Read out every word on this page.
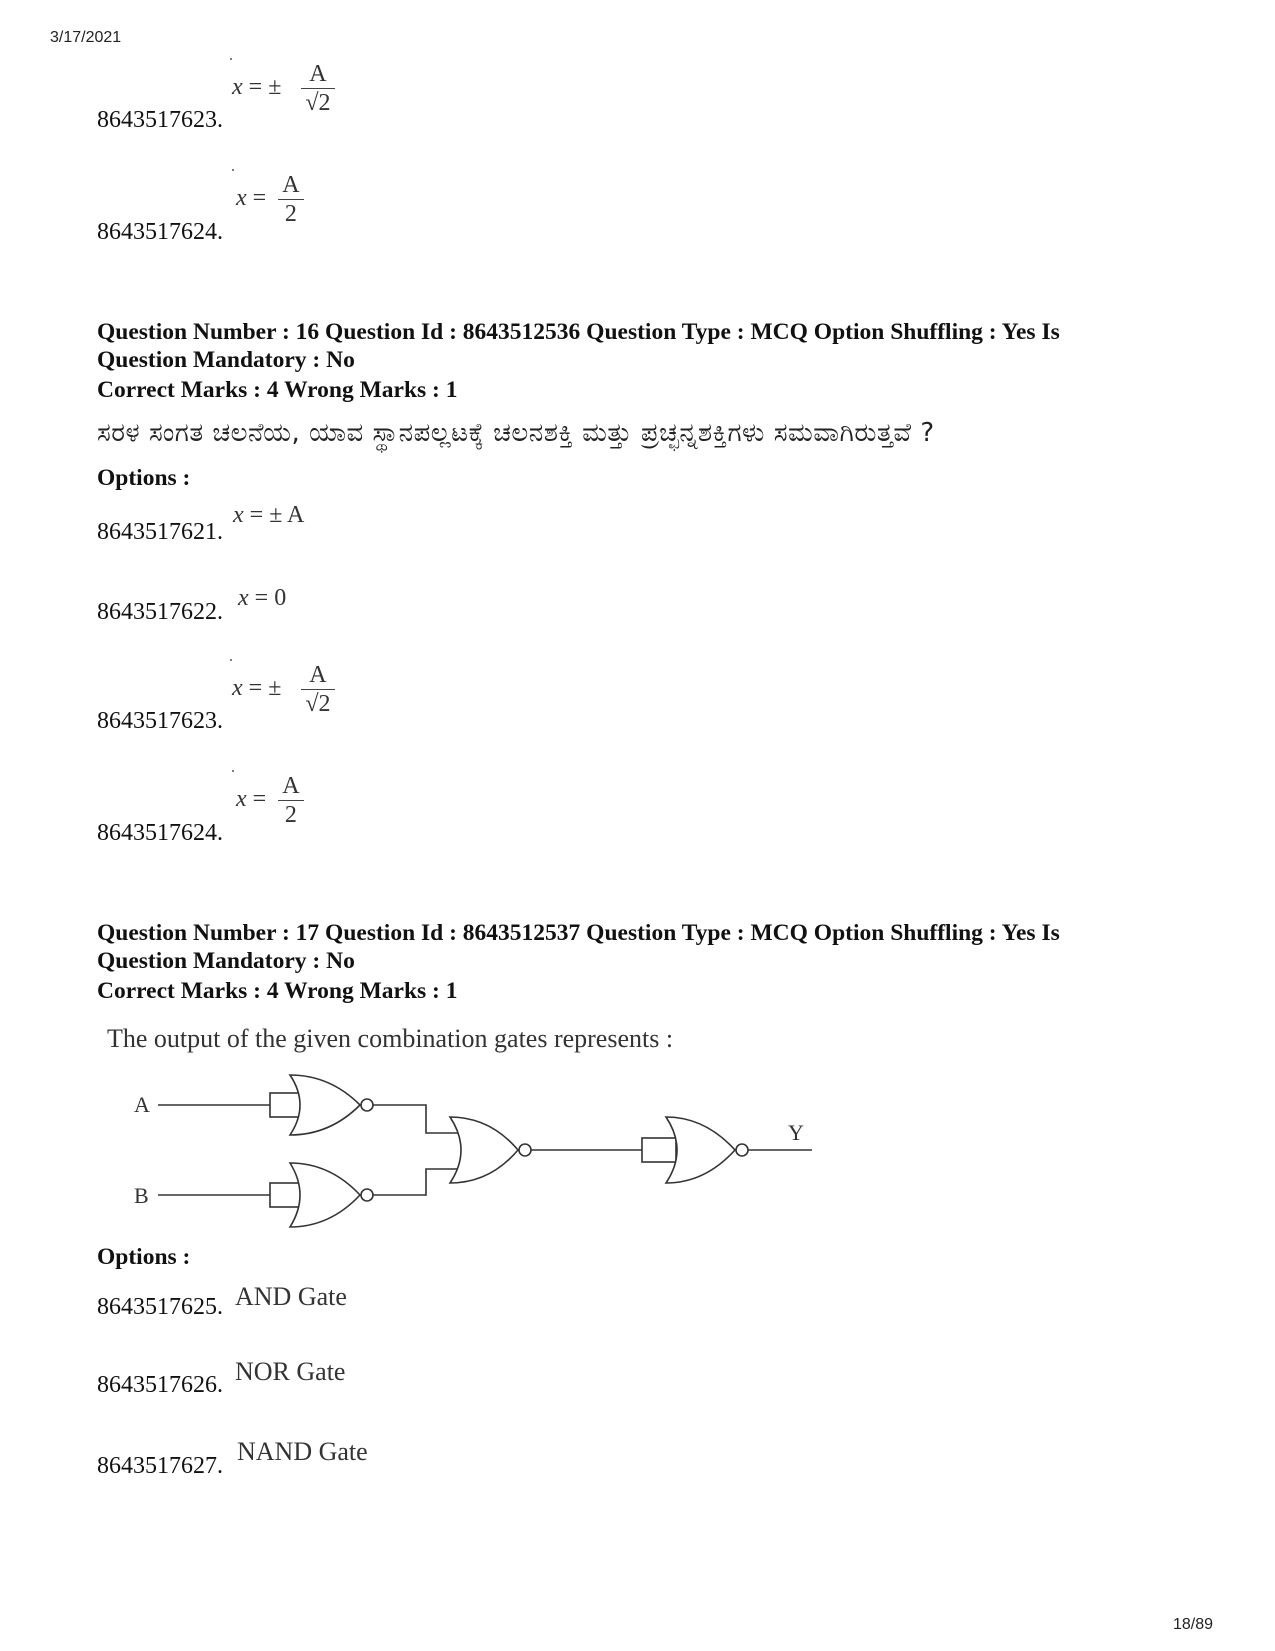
3/17/2021
18/89
x = ± $\frac{A}{√2}$
8643517623.
$x = \frac{A}{2}$
8643517624.
Question Number : 16 Question Id : 8643512536 Question Type : MCQ Option Shuffling : Yes Is
Question Mandatory : No
Correct Marks : 4 Wrong Marks : 1
ಸರಳ ಸಂಗತ ಚಲನೆಯ, ಯಾವ ಸ್ಥಾನಪಲ್ಲಟಕ್ಕೆ ಚಲನಶಕ್ತಿ ಮತ್ತು ಪ್ರಚ್ಛನ್ನಶಕ್ತಿಗಳು ಸಮವಾಗಿರುತ್ತವೆ ?
Options :
x = ± A
8643517621.
x = 0
8643517622.
x = ± $\frac{A}{√2}$
8643517623.
$x = \frac{A}{2}$
8643517624.
Question Number : 17 Question Id : 8643512537 Question Type : MCQ Option Shuffling : Yes Is
Question Mandatory : No
Correct Marks : 4 Wrong Marks : 1
The output of the given combination gates represents :
A
B
Y
Options :
AND Gate
8643517625.
NOR Gate
8643517626.
NAND Gate
8643517627.
